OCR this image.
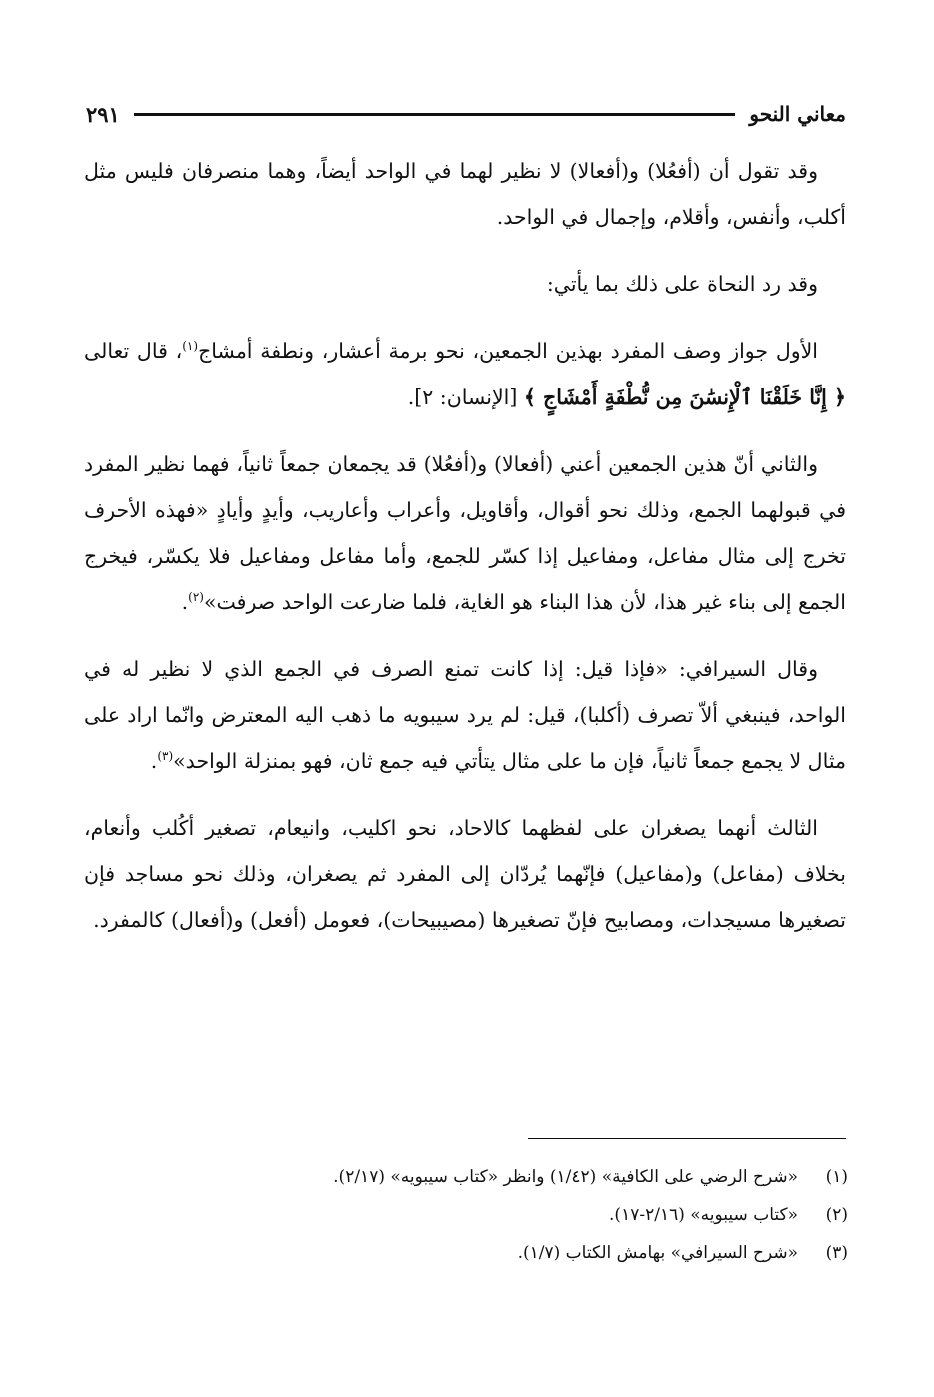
معاني النحو
٢٩١

وقد تقول أن (أفعُلا) و(أفعالا) لا نظير لهما في الواحد أيضاً، وهما منصرفان فليس مثل أكلب، وأنفس، وأقلام، وإجمال في الواحد.

وقد رد النحاة على ذلك بما يأتي:

الأول جواز وصف المفرد بهذين الجمعين، نحو برمة أعشار، ونطفة أمشاج$^{(١)}$، قال تعالى ﴿ إِنَّا خَلَقْنَا ٱلْإِنسَٰنَ مِن نُّطْفَةٍ أَمْشَاجٍ ﴾ [الإنسان: ٢].

والثاني أنّ هذين الجمعين أعني (أفعالا) و(أفعُلا) قد يجمعان جمعاً ثانياً، فهما نظير المفرد في قبولهما الجمع، وذلك نحو أقوال، وأقاويل، وأعراب وأعاريب، وأيدٍ وأيادٍ «فهذه الأحرف تخرج إلى مثال مفاعل، ومفاعيل إذا كسّر للجمع، وأما مفاعل ومفاعيل فلا يكسّر، فيخرج الجمع إلى بناء غير هذا، لأن هذا البناء هو الغاية، فلما ضارعت الواحد صرفت»$^{(٢)}$.

وقال السيرافي: «فإذا قيل: إذا كانت تمنع الصرف في الجمع الذي لا نظير له في الواحد، فينبغي ألاّ تصرف (أكلبا)، قيل: لم يرد سيبويه ما ذهب اليه المعترض وانّما اراد على مثال لا يجمع جمعاً ثانياً، فإن ما على مثال يتأتي فيه جمع ثان، فهو بمنزلة الواحد»$^{(٣)}$.

الثالث أنهما يصغران على لفظهما كالاحاد، نحو اكليب، وانيعام، تصغير أكُلب وأنعام، بخلاف (مفاعل) و(مفاعيل) فإنّهما يُردّان إلى المفرد ثم يصغران، وذلك نحو مساجد فإن تصغيرها مسيجدات، ومصابيح فإنّ تصغيرها (مصيبيحات)، فعومل (أفعل) و(أفعال) كالمفرد.

(١)
«شرح الرضي على الكافية» (١/٤٢) وانظر «كتاب سيبويه» (٢/١٧).
(٢)
«كتاب سيبويه» (٢/١٦-١٧).
(٣)
«شرح السيرافي» بهامش الكتاب (١/٧).
